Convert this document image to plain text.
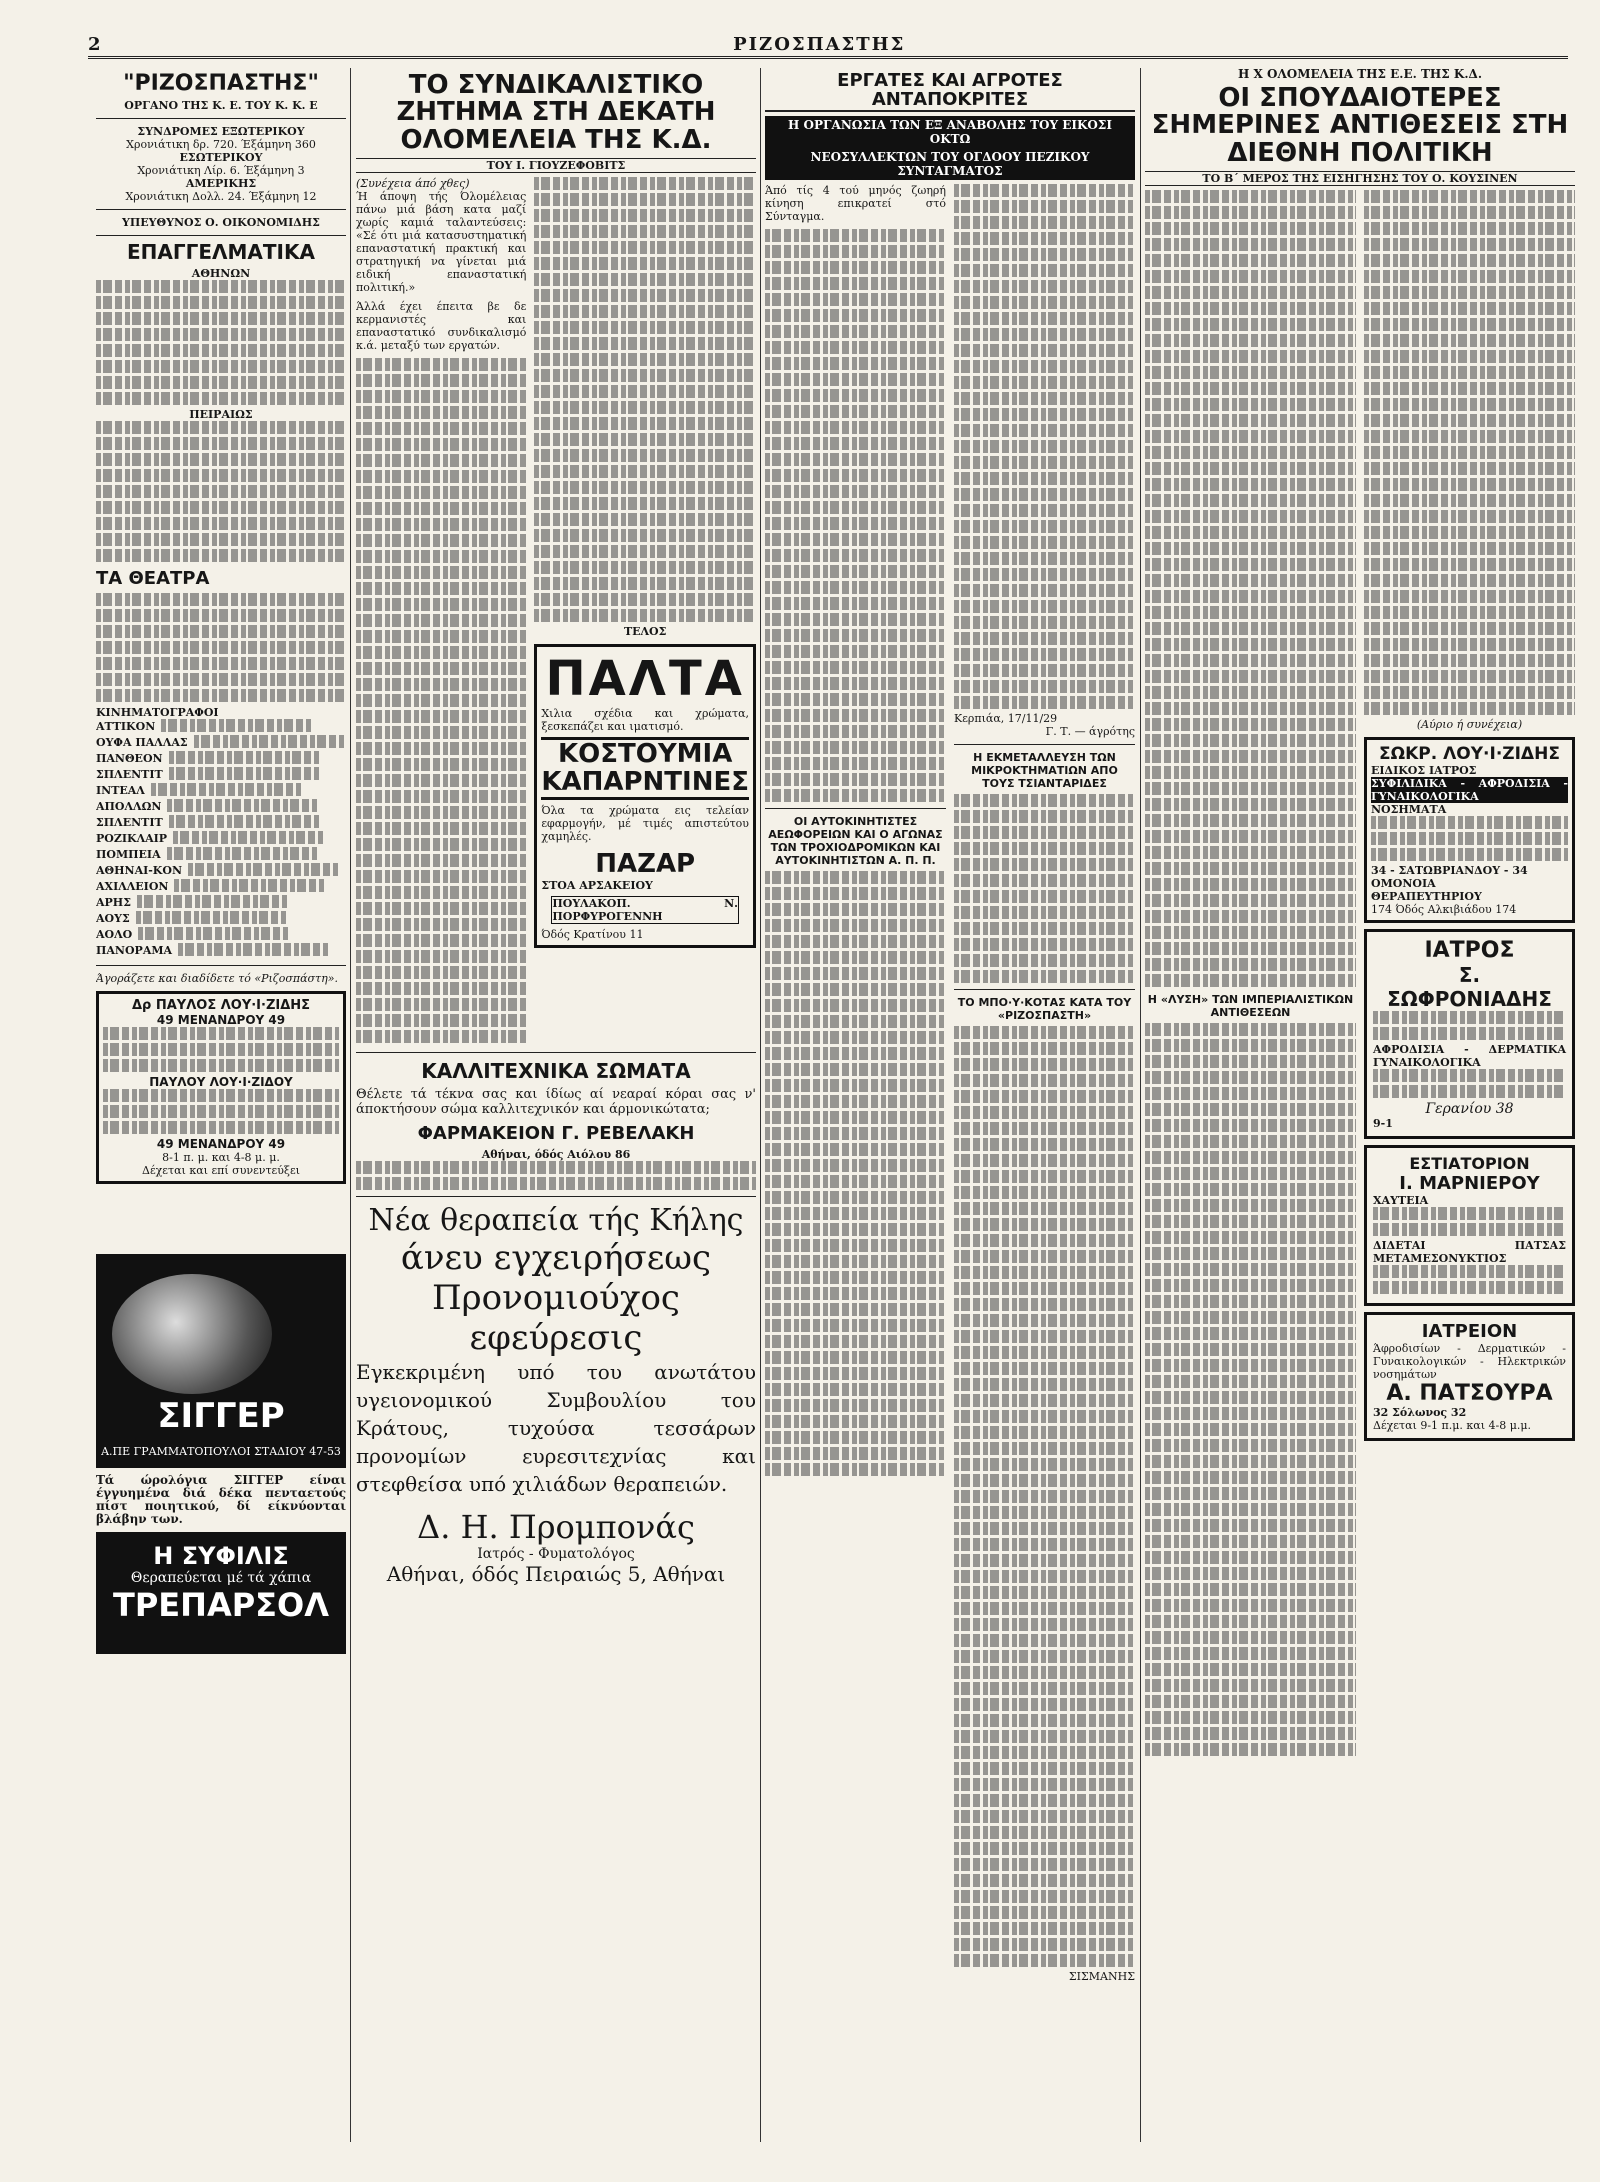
2	ΡΙΖΟΣΠΑΣΤΗΣ
"ΡΙΖΟΣΠΑΣΤΗΣ"
ΟΡΓΑΝΟ ΤΗΣ Κ. Ε. ΤΟΥ Κ. Κ. Ε
ΣΥΝΔΡΟΜΕΣ ΕΞΩΤΕΡΙΚΟΥ
Χρονιάτικη δρ. 720. Έξάμηνη 360
ΕΣΩΤΕΡΙΚΟΥ
Χρονιάτικη Λίρ. 6. Έξάμηνη 3
ΑΜΕΡΙΚΗΣ
Χρονιάτικη Δολλ. 24. Έξάμηνη 12
ΥΠΕΥΘΥΝΟΣ Ο. ΟΙΚΟΝΟΜΙΔΗΣ
ΕΠΑΓΓΕΛΜΑΤΙΚΑ
ΑΘΗΝΩΝ
ΠΕΙΡΑΙΩΣ
ΤΑ ΘΕΑΤΡΑ
ΚΙΝΗΜΑΤΟΓΡΑΦΟΙ
ΑΤΤΙΚΟΝ
ΟΥΦΑ ΠΑΛΛΑΣ
ΠΑΝΘΕΟΝ
ΣΠΛΕΝΤΙΤ
ΙΝΤΕΑΛ
ΑΠΟΛΛΩΝ
ΣΠΛΕΝΤΙΤ
ΡΟΖΙΚΛΑΙΡ
ΠΟΜΠΕΙΑ
ΑΘΗΝΑΙ-ΚΟΝ
ΑΧΙΛΛΕΙΟΝ
ΑΡΗΣ
ΑΟΥΣ
ΑΟΛΟ
ΠΑΝΟΡΑΜΑ
Άγοράζετε και διαδίδετε τό «Ριζοσπάστη».
Δρ ΠΑΥΛΟΣ ΛΟΥ·Ι·ΖΙΔΗΣ
49 ΜΕΝΑΝΔΡΟΥ 49
ΠΑΥΛΟΥ ΛΟΥ·Ι·ΖΙΔΟΥ
49 ΜΕΝΑΝΔΡΟΥ 49
8-1 π. μ. και 4-8 μ. μ.
Δέχεται και επί συνεντεύξει
ΣΙΓΓΕΡ
Α.ΠΕ ΓΡΑΜΜΑΤΟΠΟΥΛΟΙ ΣΤΑΔΙΟΥ 47-53
Τά ώρολόγια ΣΙΓΓΕΡ είναι έγγυημένα διά δέκα πενταετούς πίστ ποιητικού, δί είκνύονται βλάβην των.
Η ΣΥΦΙΛΙΣ
Θεραπεύεται μέ τά χάπια
ΤΡΕΠΑΡΣΟΛ
ΤΟ ΣΥΝΔΙΚΑΛΙΣΤΙΚΟ ΖΗΤΗΜΑ ΣΤΗ ΔΕΚΑΤΗ ΟΛΟΜΕΛΕΙΑ ΤΗΣ Κ.Δ.
ΤΟΥ Ι. ΓΙΟΥΖΕΦΟΒΙΤΣ
(Συνέχεια άπό χθες)

Ή άποψη τής Όλομέλειας πάνω μιά βάση κατα μαζί χωρίς καμιά ταλαντεύσεις: «Σέ ότι μιά κατασυστηματική επαναστατική πρακτική και στρατηγική να γίνεται μιά ειδική επαναστατική πολιτική.»

Άλλά έχει έπειτα βε δε κερμανιστές και επαναστατικό συνδικαλισμό κ.ά. μεταξύ των εργατών.

ΤΕΛΟΣ
ΠΑΛΤΑ
Χιλια σχέδια και χρώματα, ξεσκεπάζει και ιματισμό.
ΚΟΣΤΟΥΜΙΑ ΚΑΠΑΡΝΤΙΝΕΣ
Όλα τα χρώματα εις τελείαν εφαρμογήν, μέ τιμές απιστεύτου χαμηλές.
ΠΑΖΑΡ
ΣΤΟΑ ΑΡΣΑΚΕΙΟΥ
ΠΟΥΛΑΚΟΠ. Ν. ΠΟΡΦΥΡΟΓΕΝΝΗ
Όδός Κρατίνου 11
ΚΑΛΛΙΤΕΧΝΙΚΑ ΣΩΜΑΤΑ
Θέλετε τά τέκνα σας και ίδίως αί νεαραί κόραι σας ν' άποκτήσουν σώμα καλλιτεχνικόν και άρμονικώτατα;
ΦΑΡΜΑΚΕΙΟΝ Γ. ΡΕΒΕΛΑΚΗ
Αθήναι, όδός Αιόλου 86
Νέα θεραπεία τής Κήλης
άνευ εγχειρήσεως
Προνομιούχος εφεύρεσις
Εγκεκριμένη υπό του ανωτάτου υγειονομικού Συμβουλίου του Κράτους, τυχούσα τεσσάρων προνομίων ευρεσιτεχνίας και στεφθείσα υπό χιλιάδων θεραπειών.
Δ. Η. Προμπονάς
Ιατρός - Φυματολόγος
Αθήναι, όδός Πειραιώς 5, Αθήναι
ΕΡΓΑΤΕΣ ΚΑΙ ΑΓΡΟΤΕΣ ΑΝΤΑΠΟΚΡΙΤΕΣ
Η ΟΡΓΑΝΩΣΙΑ ΤΩΝ ΕΞ ΑΝΑΒΟΛΗΣ ΤΟΥ ΕΙΚΟΣΙ ΟΚΤΩ
ΝΕΟΣΥΛΛΕΚΤΩΝ ΤΟΥ ΟΓΔΟΟΥ ΠΕΖΙΚΟΥ ΣΥΝΤΑΓΜΑΤΟΣ

Άπό τίς 4 τού μηνός ζωηρή κίνηση επικρατεί στό Σύνταγμα.

ΟΙ ΑΥΤΟΚΙΝΗΤΙΣΤΕΣ ΑΕΩΦΟΡΕΙΩΝ ΚΑΙ Ο ΑΓΩΝΑΣ ΤΩΝ ΤΡΟΧΙΟΔΡΟΜΙΚΩΝ ΚΑΙ ΑΥΤΟΚΙΝΗΤΙΣΤΩΝ Α. Π. Π.
Κερπιάα, 17/11/29
Γ. Τ. — άγρότης
Η ΕΚΜΕΤΑΛΛΕΥΣΗ ΤΩΝ ΜΙΚΡΟΚΤΗΜΑΤΙΩΝ ΑΠΟ ΤΟΥΣ ΤΣΙΑΝΤΑΡΙΔΕΣ
ΤΟ ΜΠΟ·Υ·ΚΟΤΑΣ ΚΑΤΑ ΤΟΥ «ΡΙΖΟΣΠΑΣΤΗ»
ΣΙΣΜΑΝΗΣ
Η Χ ΟΛΟΜΕΛΕΙΑ ΤΗΣ Ε.Ε. ΤΗΣ Κ.Δ.
ΟΙ ΣΠΟΥΔΑΙΟΤΕΡΕΣ ΣΗΜΕΡΙΝΕΣ ΑΝΤΙΘΕΣΕΙΣ ΣΤΗ ΔΙΕΘΝΗ ΠΟΛΙΤΙΚΗ
ΤΟ Β΄ ΜΕΡΟΣ ΤΗΣ ΕΙΣΗΓΗΣΗΣ ΤΟΥ Ο. ΚΟΥΣΙΝΕΝ
Η «ΛΥΣΗ» ΤΩΝ ΙΜΠΕΡΙΑΛΙΣΤΙΚΩΝ ΑΝΤΙΘΕΣΕΩΝ
(Αύριο ή συνέχεια)
ΣΩΚΡ. ΛΟΥ·Ι·ΖΙΔΗΣ
ΕΙΔΙΚΟΣ ΙΑΤΡΟΣ
ΣΥΦΙΛΙΔΙΚΑ - ΑΦΡΟΔΙΣΙΑ - ΓΥΝΑΙΚΟΛΟΓΙΚΑ
ΝΟΣΗΜΑΤΑ
34 - ΣΑΤΩΒΡΙΑΝΔΟΥ - 34
ΟΜΟΝΟΙΑ
ΘΕΡΑΠΕΥΤΗΡΙΟΥ
174 Όδός Αλκιβιάδου 174
ΙΑΤΡΟΣ
Σ. ΣΩΦΡΟΝΙΑΔΗΣ
ΑΦΡΟΔΙΣΙΑ - ΔΕΡΜΑΤΙΚΑ ΓΥΝΑΙΚΟΛΟΓΙΚΑ
Γερανίου 38
9-1
ΕΣΤΙΑΤΟΡΙΟΝ
Ι. ΜΑΡΝΙΕΡΟΥ
ΧΑΥΤΕΙΑ
ΔΙΔΕΤΑΙ ΠΑΤΣΑΣ ΜΕΤΑΜΕΣΟΝΥΚΤΙΟΣ
ΙΑΤΡΕΙΟΝ
Άφροδισίων - Δερματικών - Γυναικολογικών - Ηλεκτρικών νοσημάτων
Α. ΠΑΤΣΟΥΡΑ
32 Σόλωνος 32
Δέχεται 9-1 π.μ. και 4-8 μ.μ.
